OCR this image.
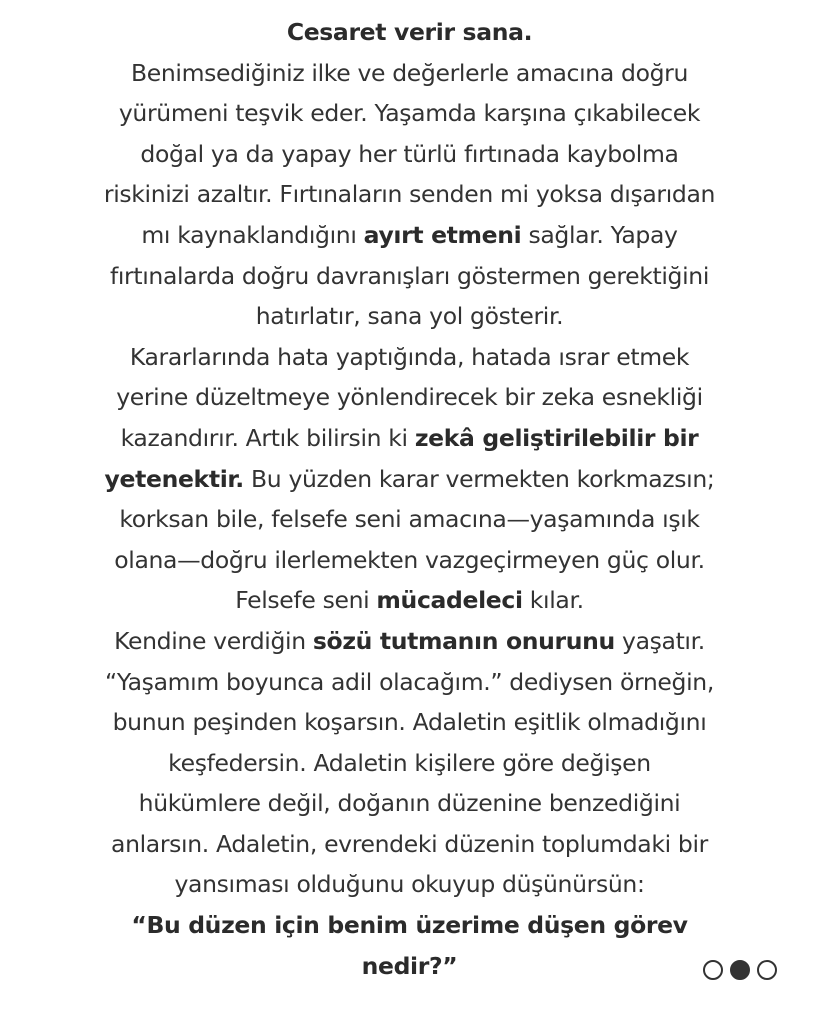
Cesaret verir sana.
Benimsediğiniz ilke ve değerlerle amacına doğru
yürümeni teşvik eder. Yaşamda karşına çıkabilecek
doğal ya da yapay her türlü fırtınada kaybolma
riskinizi azaltır. Fırtınaların senden mi yoksa dışarıdan
mı kaynaklandığını ayırt etmeni sağlar. Yapay
fırtınalarda doğru davranışları göstermen gerektiğini
hatırlatır, sana yol gösterir.
Kararlarında hata yaptığında, hatada ısrar etmek
yerine düzeltmeye yönlendirecek bir zeka esnekliği
kazandırır. Artık bilirsin ki zekâ geliştirilebilir bir
yetenektir. Bu yüzden karar vermekten korkmazsın;
korksan bile, felsefe seni amacına—yaşamında ışık
olana—doğru ilerlemekten vazgeçirmeyen güç olur.
Felsefe seni mücadeleci kılar.
Kendine verdiğin sözü tutmanın onurunu yaşatır.
“Yaşamım boyunca adil olacağım.” dediysen örneğin,
bunun peşinden koşarsın. Adaletin eşitlik olmadığını
keşfedersin. Adaletin kişilere göre değişen
hükümlere değil, doğanın düzenine benzediğini
anlarsın. Adaletin, evrendeki düzenin toplumdaki bir
yansıması olduğunu okuyup düşünürsün:
“Bu düzen için benim üzerime düşen görev
nedir?”
